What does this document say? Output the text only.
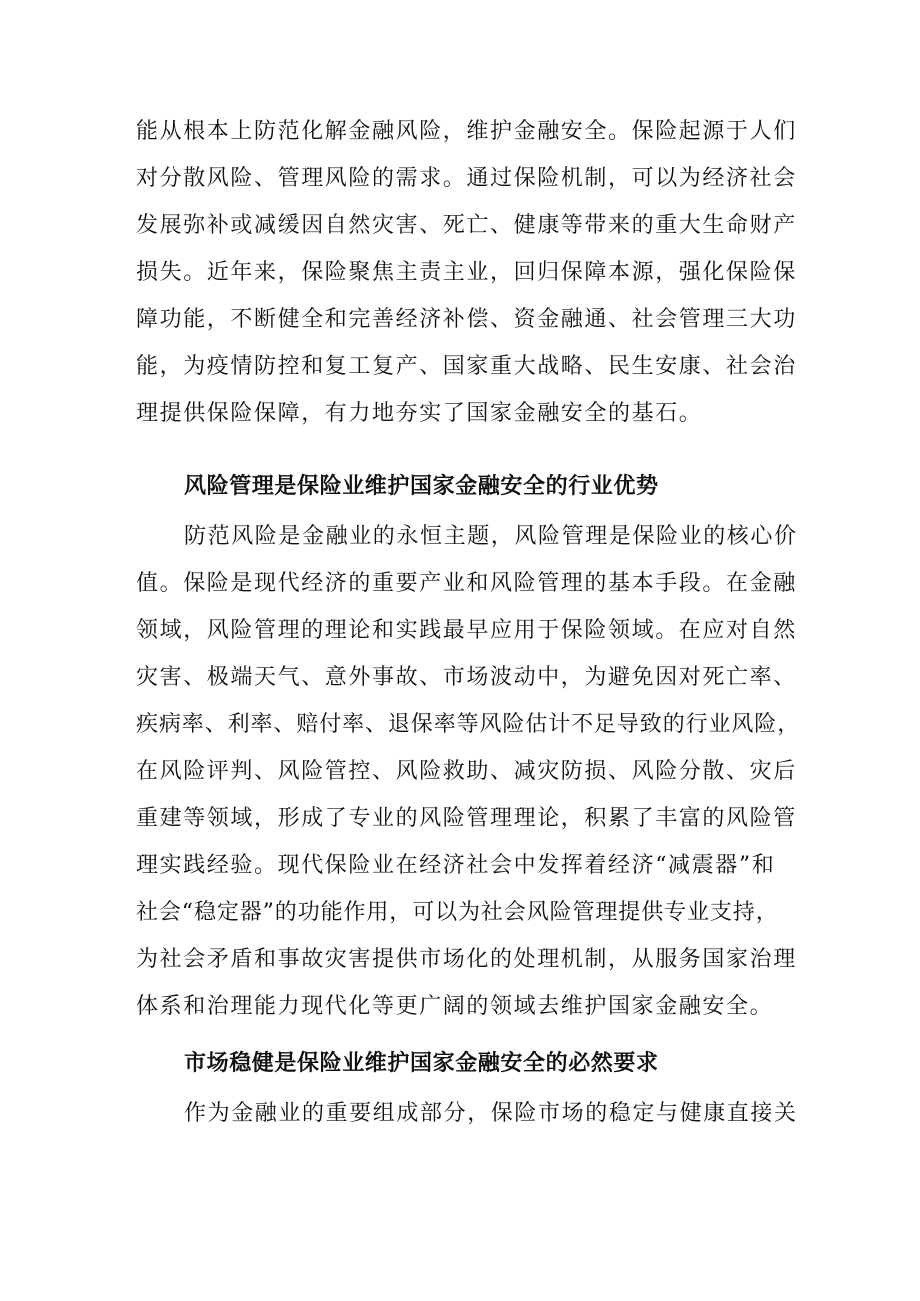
能从根本上防范化解金融风险，维护金融安全。保险起源于人们
对分散风险、管理风险的需求。通过保险机制，可以为经济社会
发展弥补或减缓因自然灾害、死亡、健康等带来的重大生命财产
损失。近年来，保险聚焦主责主业，回归保障本源，强化保险保
障功能，不断健全和完善经济补偿、资金融通、社会管理三大功
能，为疫情防控和复工复产、国家重大战略、民生安康、社会治
理提供保险保障，有力地夯实了国家金融安全的基石。
风险管理是保险业维护国家金融安全的行业优势
防范风险是金融业的永恒主题，风险管理是保险业的核心价
值。保险是现代经济的重要产业和风险管理的基本手段。在金融
领域，风险管理的理论和实践最早应用于保险领域。在应对自然
灾害、极端天气、意外事故、市场波动中，为避免因对死亡率、
疾病率、利率、赔付率、退保率等风险估计不足导致的行业风险，
在风险评判、风险管控、风险救助、减灾防损、风险分散、灾后
重建等领域，形成了专业的风险管理理论，积累了丰富的风险管
理实践经验。现代保险业在经济社会中发挥着经济“减震器”和
社会“稳定器”的功能作用，可以为社会风险管理提供专业支持，
为社会矛盾和事故灾害提供市场化的处理机制，从服务国家治理
体系和治理能力现代化等更广阔的领域去维护国家金融安全。
市场稳健是保险业维护国家金融安全的必然要求
作为金融业的重要组成部分，保险市场的稳定与健康直接关
